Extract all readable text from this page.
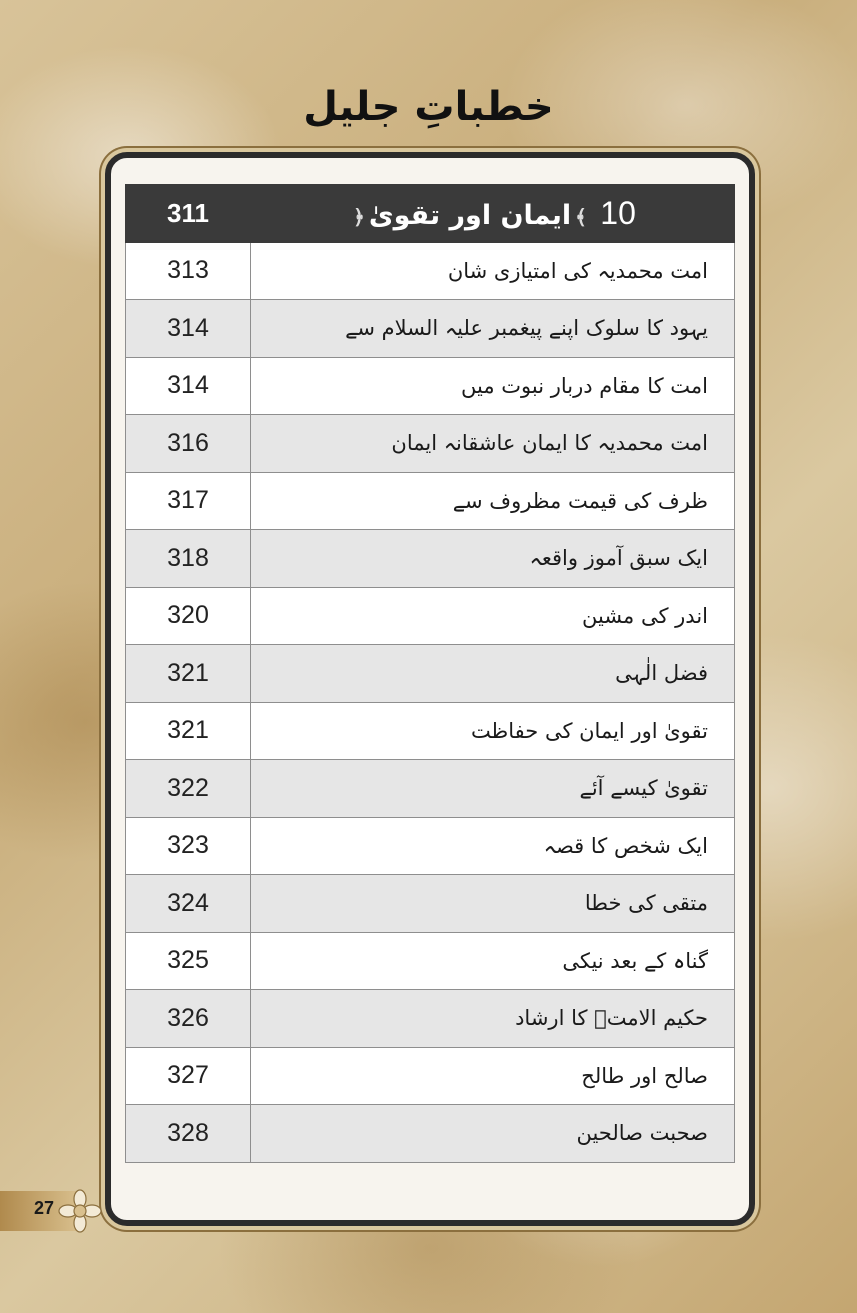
خطباتِ جلیل
311	10 ﴾ایمان اور تقویٰ﴿
313	امت محمدیہ کی امتیازی شان
314	یہود کا سلوک اپنے پیغمبر علیہ السلام سے
314	امت کا مقام دربار نبوت میں
316	امت محمدیہ کا ایمان عاشقانہ ایمان
317	ظرف کی قیمت مظروف سے
318	ایک سبق آموز واقعہ
320	اندر کی مشین
321	فضل الٰہی
321	تقویٰ اور ایمان کی حفاظت
322	تقویٰ کیسے آئے
323	ایک شخص کا قصہ
324	متقی کی خطا
325	گناہ کے بعد نیکی
326	حکیم الامتؒ کا ارشاد
327	صالح اور طالح
328	صحبت صالحین
27
